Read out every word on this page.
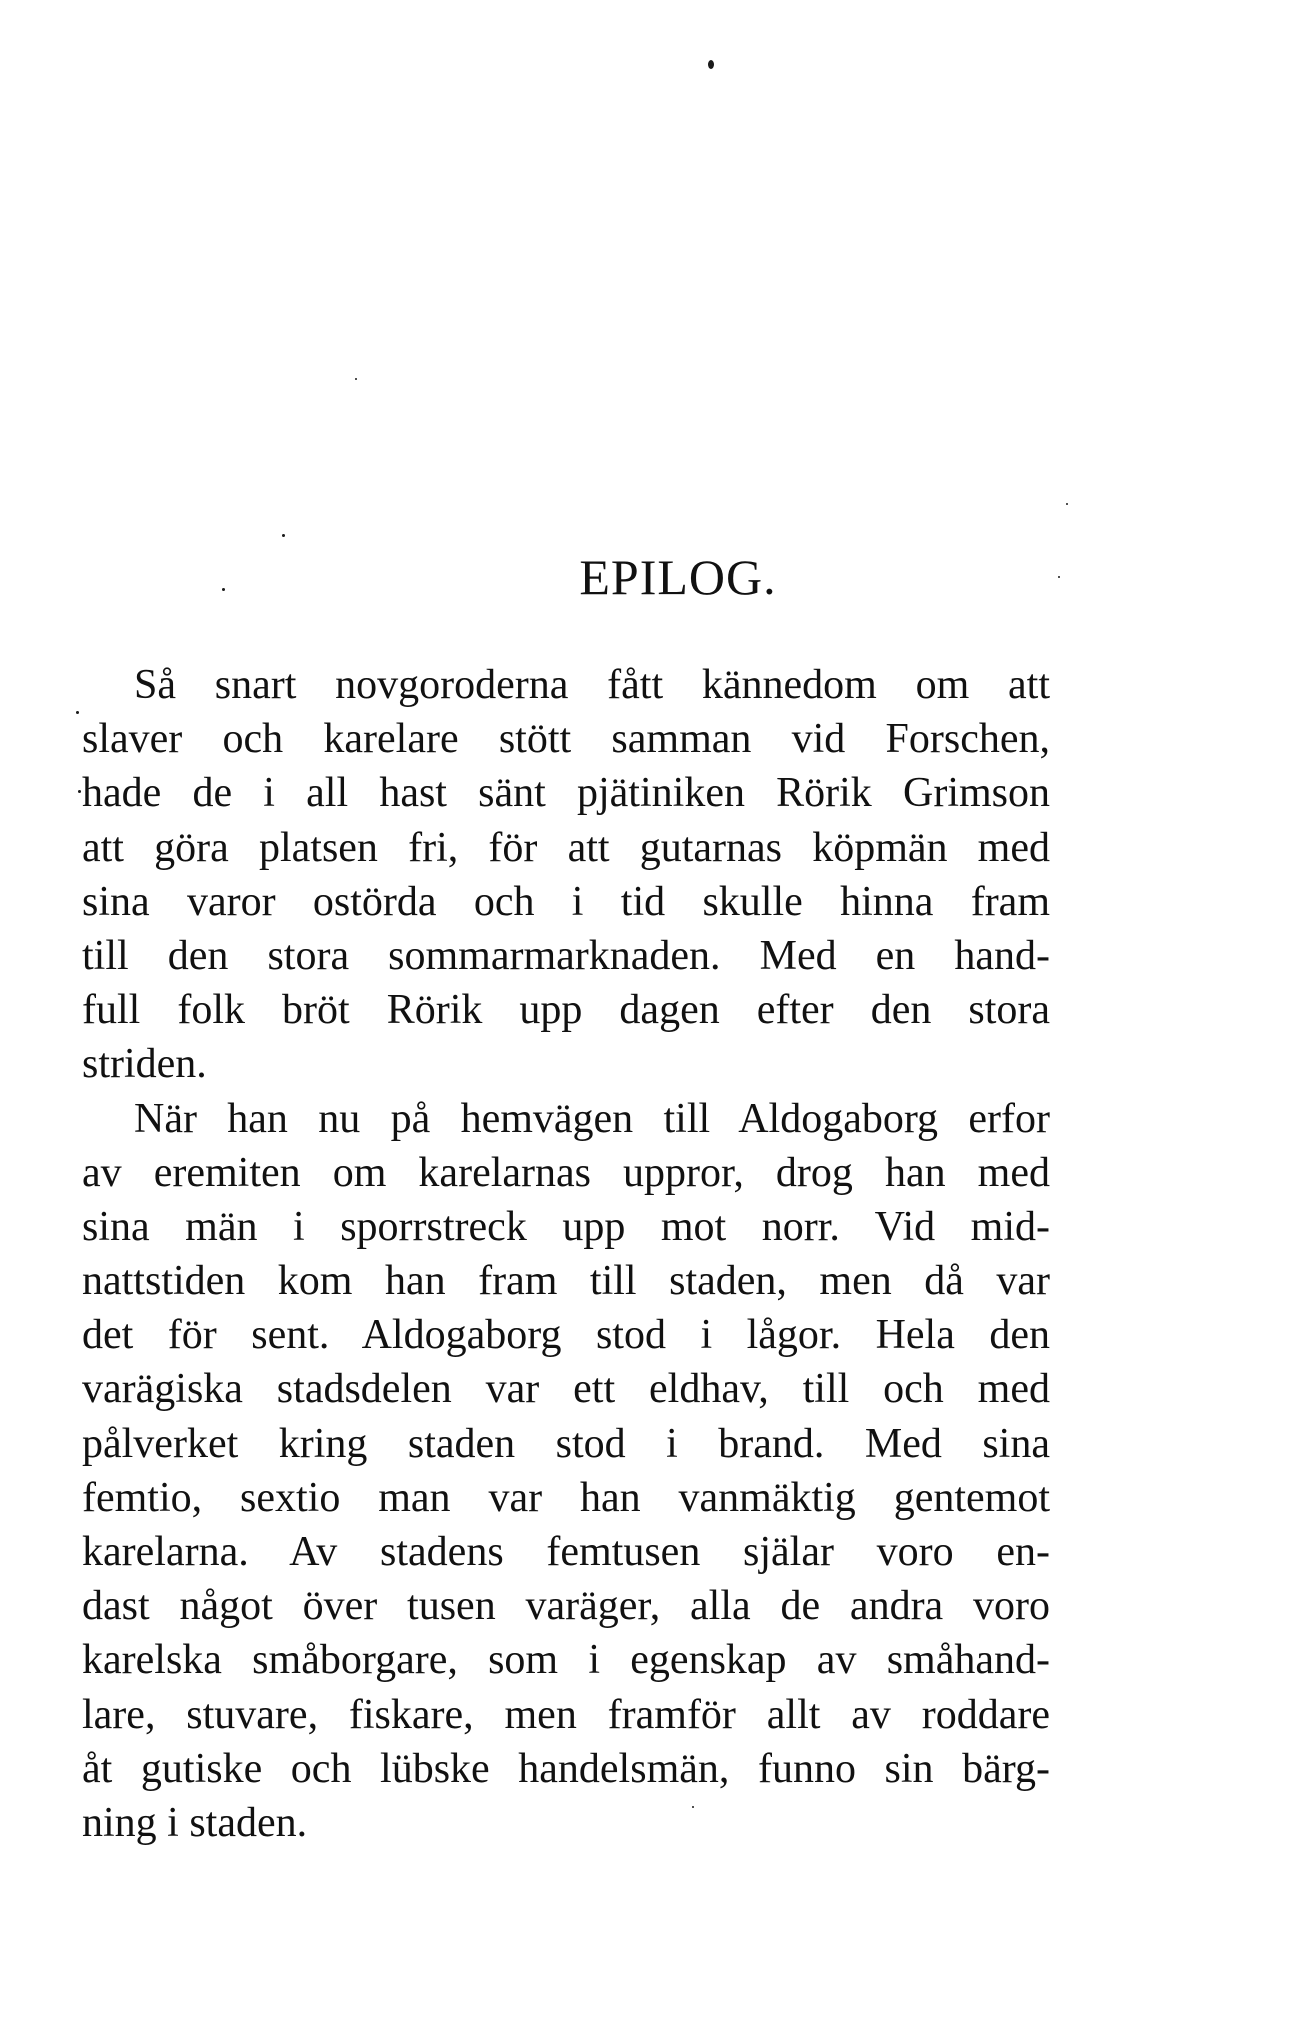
EPILOG.
Så snart novgoroderna fått kännedom om att
slaver och karelare stött samman vid Forschen,
hade de i all hast sänt pjätiniken Rörik Grimson
att göra platsen fri, för att gutarnas köpmän med
sina varor ostörda och i tid skulle hinna fram
till den stora sommarmarknaden. Med en hand-
full folk bröt Rörik upp dagen efter den stora
striden.
När han nu på hemvägen till Aldogaborg erfor
av eremiten om karelarnas uppror, drog han med
sina män i sporrstreck upp mot norr. Vid mid-
nattstiden kom han fram till staden, men då var
det för sent. Aldogaborg stod i lågor. Hela den
varägiska stadsdelen var ett eldhav, till och med
pålverket kring staden stod i brand. Med sina
femtio, sextio man var han vanmäktig gentemot
karelarna. Av stadens femtusen själar voro en-
dast något över tusen varäger, alla de andra voro
karelska småborgare, som i egenskap av småhand-
lare, stuvare, fiskare, men framför allt av roddare
åt gutiske och lübske handelsmän, funno sin bärg-
ning i staden.
